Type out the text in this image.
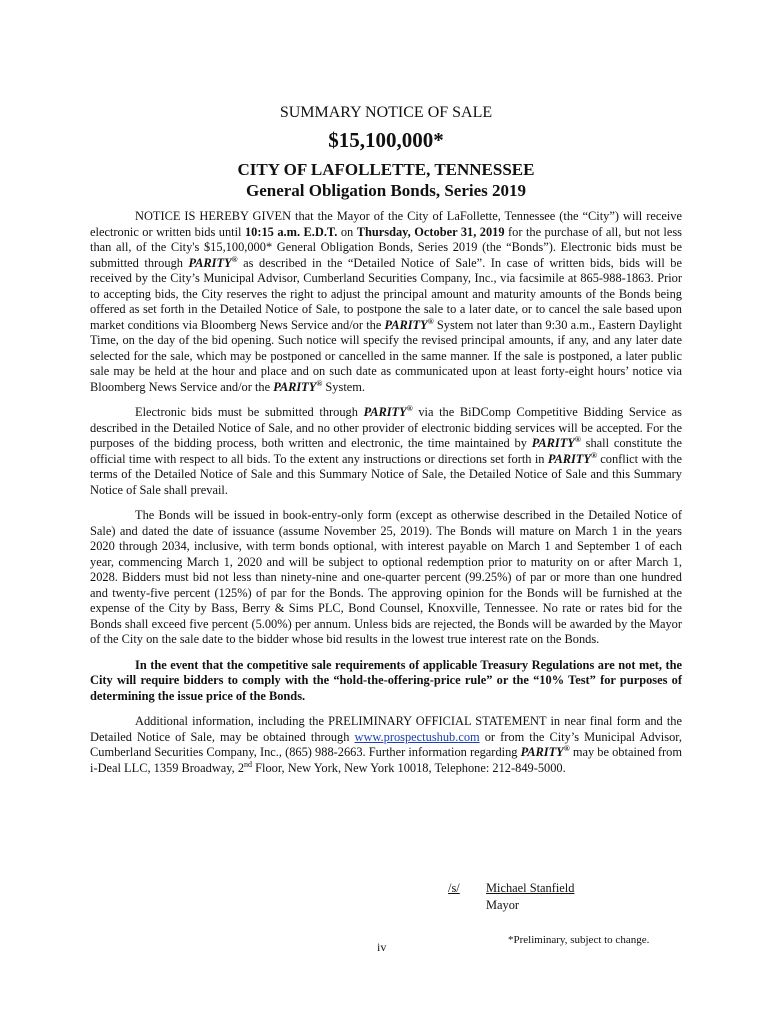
SUMMARY NOTICE OF SALE
$15,100,000*
CITY OF LAFOLLETTE, TENNESSEE
General Obligation Bonds, Series 2019

NOTICE IS HEREBY GIVEN that the Mayor of the City of LaFollette, Tennessee (the “City”) will receive electronic or written bids until 10:15 a.m. E.D.T. on Thursday, October 31, 2019 for the purchase of all, but not less than all, of the City's $15,100,000* General Obligation Bonds, Series 2019 (the “Bonds”). Electronic bids must be submitted through PARITY® as described in the “Detailed Notice of Sale”. In case of written bids, bids will be received by the City’s Municipal Advisor, Cumberland Securities Company, Inc., via facsimile at 865-988-1863. Prior to accepting bids, the City reserves the right to adjust the principal amount and maturity amounts of the Bonds being offered as set forth in the Detailed Notice of Sale, to postpone the sale to a later date, or to cancel the sale based upon market conditions via Bloomberg News Service and/or the PARITY® System not later than 9:30 a.m., Eastern Daylight Time, on the day of the bid opening. Such notice will specify the revised principal amounts, if any, and any later date selected for the sale, which may be postponed or cancelled in the same manner. If the sale is postponed, a later public sale may be held at the hour and place and on such date as communicated upon at least forty-eight hours’ notice via Bloomberg News Service and/or the PARITY® System.

Electronic bids must be submitted through PARITY® via the BiDComp Competitive Bidding Service as described in the Detailed Notice of Sale, and no other provider of electronic bidding services will be accepted. For the purposes of the bidding process, both written and electronic, the time maintained by PARITY® shall constitute the official time with respect to all bids. To the extent any instructions or directions set forth in PARITY® conflict with the terms of the Detailed Notice of Sale and this Summary Notice of Sale, the Detailed Notice of Sale and this Summary Notice of Sale shall prevail.

The Bonds will be issued in book-entry-only form (except as otherwise described in the Detailed Notice of Sale) and dated the date of issuance (assume November 25, 2019). The Bonds will mature on March 1 in the years 2020 through 2034, inclusive, with term bonds optional, with interest payable on March 1 and September 1 of each year, commencing March 1, 2020 and will be subject to optional redemption prior to maturity on or after March 1, 2028. Bidders must bid not less than ninety-nine and one-quarter percent (99.25%) of par or more than one hundred and twenty-five percent (125%) of par for the Bonds. The approving opinion for the Bonds will be furnished at the expense of the City by Bass, Berry & Sims PLC, Bond Counsel, Knoxville, Tennessee. No rate or rates bid for the Bonds shall exceed five percent (5.00%) per annum. Unless bids are rejected, the Bonds will be awarded by the Mayor of the City on the sale date to the bidder whose bid results in the lowest true interest rate on the Bonds.

In the event that the competitive sale requirements of applicable Treasury Regulations are not met, the City will require bidders to comply with the “hold-the-offering-price rule” or the “10% Test” for purposes of determining the issue price of the Bonds.

Additional information, including the PRELIMINARY OFFICIAL STATEMENT in near final form and the Detailed Notice of Sale, may be obtained through www.prospectushub.com or from the City’s Municipal Advisor, Cumberland Securities Company, Inc., (865) 988-2663. Further information regarding PARITY® may be obtained from i-Deal LLC, 1359 Broadway, 2nd Floor, New York, New York 10018, Telephone: 212-849-5000.

/s/ Michael Stanfield
Mayor
*Preliminary, subject to change.
iv
